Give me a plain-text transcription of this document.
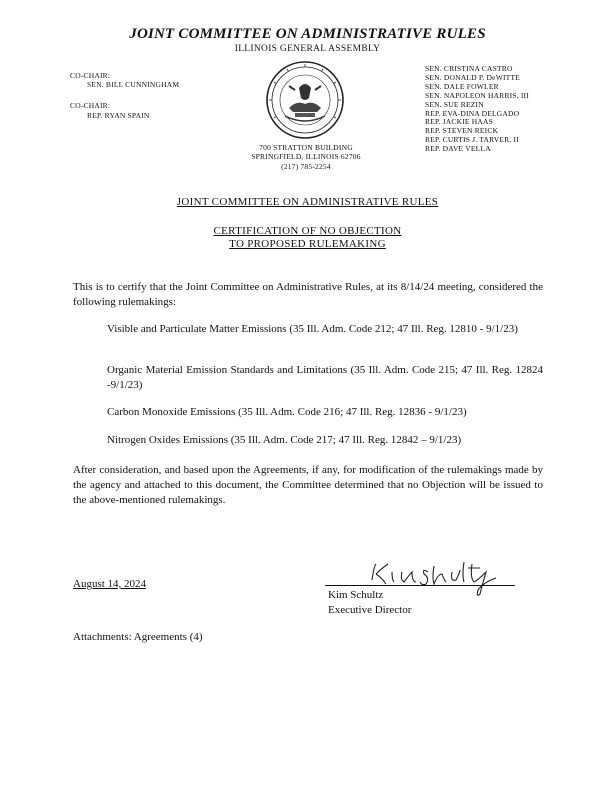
JOINT COMMITTEE ON ADMINISTRATIVE RULES
ILLINOIS GENERAL ASSEMBLY
CO-CHAIR:
SEN. BILL CUNNINGHAM
CO-CHAIR:
REP. RYAN SPAIN
700 STRATTON BUILDING
SPRINGFIELD, ILLINOIS 62706
(217) 785-2254
SEN. CRISTINA CASTRO
SEN. DONALD P. DeWITTE
SEN. DALE FOWLER
SEN. NAPOLEON HARRIS, III
SEN. SUE REZIN
REP. EVA-DINA DELGADO
REP. JACKIE HAAS
REP. STEVEN REICK
REP. CURTIS J. TARVER, II
REP. DAVE VELLA
JOINT COMMITTEE ON ADMINISTRATIVE RULES
CERTIFICATION OF NO OBJECTION
TO PROPOSED RULEMAKING
This is to certify that the Joint Committee on Administrative Rules, at its 8/14/24 meeting, considered the following rulemakings:
Visible and Particulate Matter Emissions (35 Ill. Adm. Code 212; 47 Ill. Reg. 12810 - 9/1/23)
Organic Material Emission Standards and Limitations (35 Ill. Adm. Code 215; 47 Ill. Reg. 12824 -9/1/23)
Carbon Monoxide Emissions (35 Ill. Adm. Code 216; 47 Ill. Reg. 12836 - 9/1/23)
Nitrogen Oxides Emissions (35 Ill. Adm. Code 217; 47 Ill. Reg. 12842 – 9/1/23)
After consideration, and based upon the Agreements, if any, for modification of the rulemakings made by the agency and attached to this document, the Committee determined that no Objection will be issued to the above-mentioned rulemakings.
August 14, 2024
Kim Schultz
Executive Director
Attachments: Agreements (4)
